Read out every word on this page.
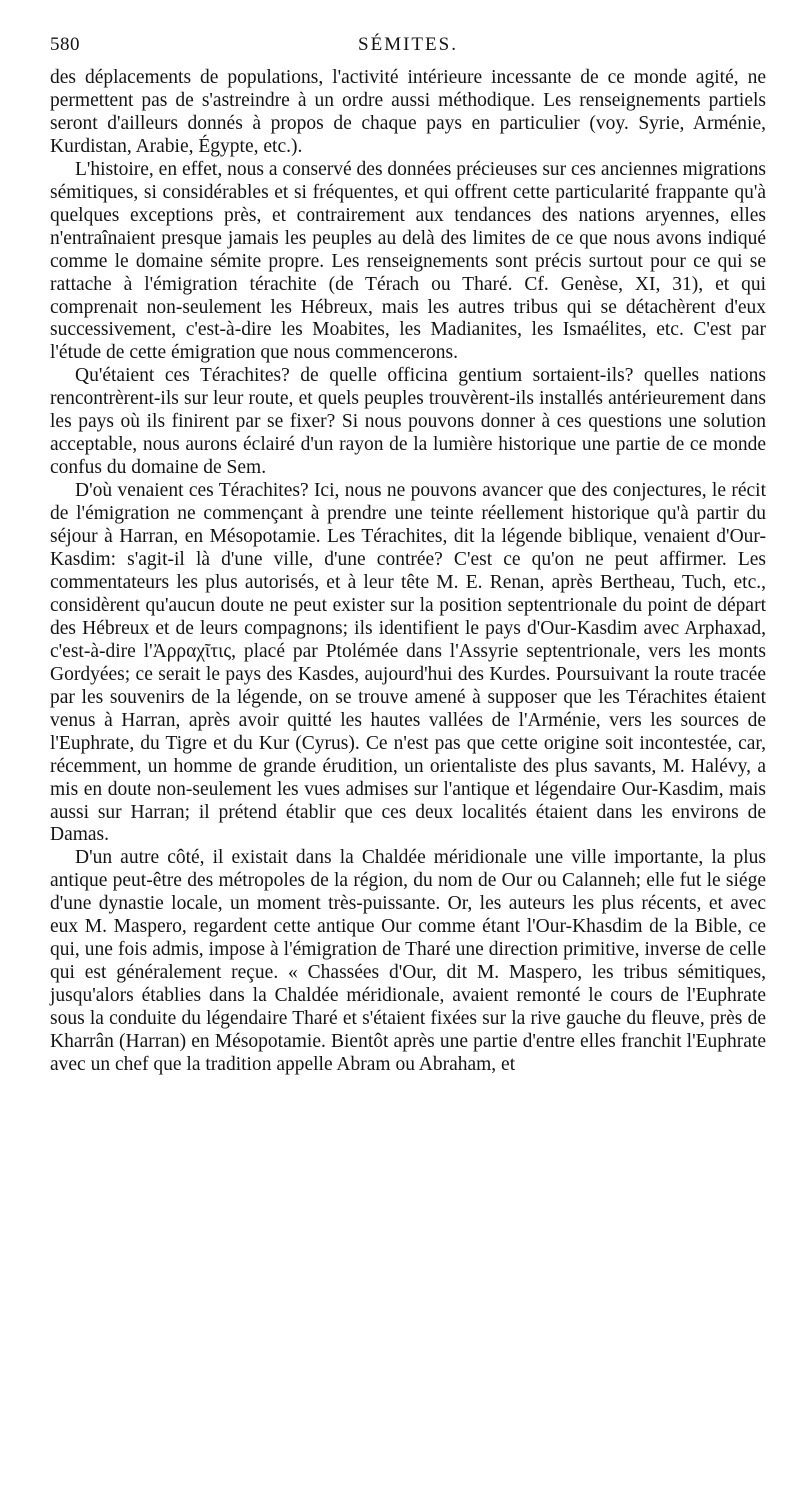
580	SÉMITES.

des déplacements de populations, l'activité intérieure incessante de ce monde agité, ne permettent pas de s'astreindre à un ordre aussi méthodique. Les renseignements partiels seront d'ailleurs donnés à propos de chaque pays en particulier (voy. Syrie, Arménie, Kurdistan, Arabie, Égypte, etc.).

L'histoire, en effet, nous a conservé des données précieuses sur ces anciennes migrations sémitiques, si considérables et si fréquentes, et qui offrent cette particularité frappante qu'à quelques exceptions près, et contrairement aux tendances des nations aryennes, elles n'entraînaient presque jamais les peuples au delà des limites de ce que nous avons indiqué comme le domaine sémite propre. Les renseignements sont précis surtout pour ce qui se rattache à l'émigration térachite (de Térach ou Tharé. Cf. Genèse, XI, 31), et qui comprenait non-seulement les Hébreux, mais les autres tribus qui se détachèrent d'eux successivement, c'est-à-dire les Moabites, les Madianites, les Ismaélites, etc. C'est par l'étude de cette émigration que nous commencerons.

Qu'étaient ces Térachites? de quelle officina gentium sortaient-ils? quelles nations rencontrèrent-ils sur leur route, et quels peuples trouvèrent-ils installés antérieurement dans les pays où ils finirent par se fixer? Si nous pouvons donner à ces questions une solution acceptable, nous aurons éclairé d'un rayon de la lumière historique une partie de ce monde confus du domaine de Sem.

D'où venaient ces Térachites? Ici, nous ne pouvons avancer que des conjectures, le récit de l'émigration ne commençant à prendre une teinte réellement historique qu'à partir du séjour à Harran, en Mésopotamie. Les Térachites, dit la légende biblique, venaient d'Our-Kasdim: s'agit-il là d'une ville, d'une contrée? C'est ce qu'on ne peut affirmer. Les commentateurs les plus autorisés, et à leur tête M. E. Renan, après Bertheau, Tuch, etc., considèrent qu'aucun doute ne peut exister sur la position septentrionale du point de départ des Hébreux et de leurs compagnons; ils identifient le pays d'Our-Kasdim avec Arphaxad, c'est-à-dire l'Ἀρραχῖτις, placé par Ptolémée dans l'Assyrie septentrionale, vers les monts Gordyées; ce serait le pays des Kasdes, aujourd'hui des Kurdes. Poursuivant la route tracée par les souvenirs de la légende, on se trouve amené à supposer que les Térachites étaient venus à Harran, après avoir quitté les hautes vallées de l'Arménie, vers les sources de l'Euphrate, du Tigre et du Kur (Cyrus). Ce n'est pas que cette origine soit incontestée, car, récemment, un homme de grande érudition, un orientaliste des plus savants, M. Halévy, a mis en doute non-seulement les vues admises sur l'antique et légendaire Our-Kasdim, mais aussi sur Harran; il prétend établir que ces deux localités étaient dans les environs de Damas.

D'un autre côté, il existait dans la Chaldée méridionale une ville importante, la plus antique peut-être des métropoles de la région, du nom de Our ou Calanneh; elle fut le siége d'une dynastie locale, un moment très-puissante. Or, les auteurs les plus récents, et avec eux M. Maspero, regardent cette antique Our comme étant l'Our-Khasdim de la Bible, ce qui, une fois admis, impose à l'émigration de Tharé une direction primitive, inverse de celle qui est généralement reçue. « Chassées d'Our, dit M. Maspero, les tribus sémitiques, jusqu'alors établies dans la Chaldée méridionale, avaient remonté le cours de l'Euphrate sous la conduite du légendaire Tharé et s'étaient fixées sur la rive gauche du fleuve, près de Kharrân (Harran) en Mésopotamie. Bientôt après une partie d'entre elles franchit l'Euphrate avec un chef que la tradition appelle Abram ou Abraham, et
